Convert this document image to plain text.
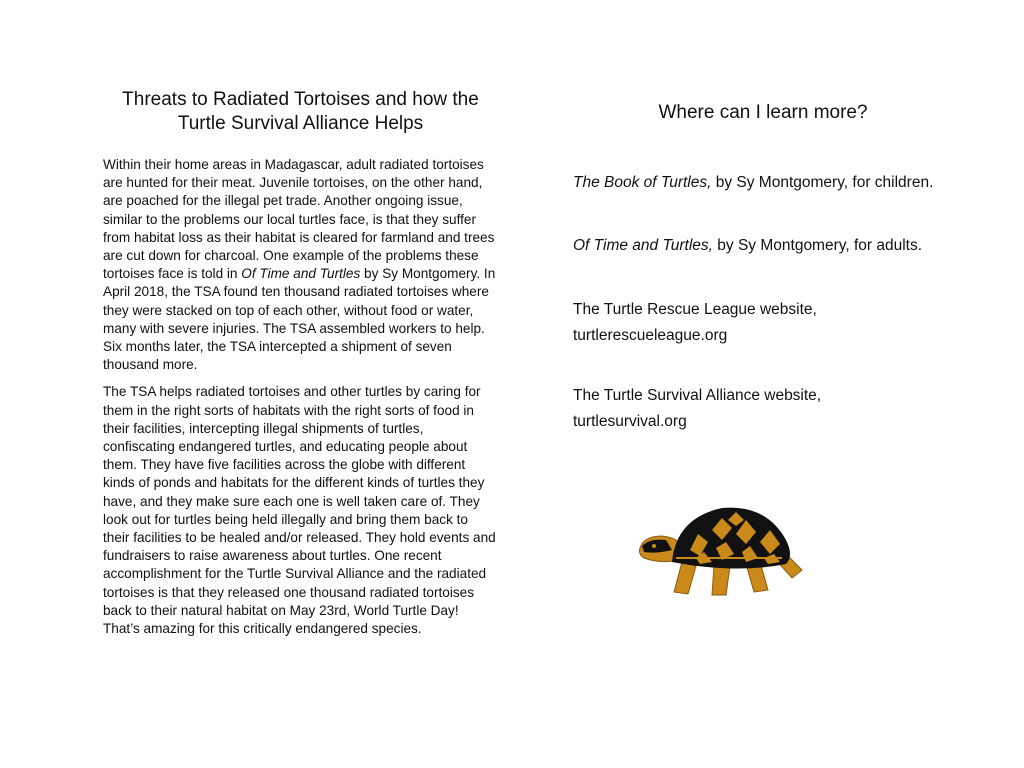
Threats to Radiated Tortoises and how the
Turtle Survival Alliance Helps

Within their home areas in Madagascar, adult radiated tortoises are hunted for their meat. Juvenile tortoises, on the other hand, are poached for the illegal pet trade. Another ongoing issue, similar to the problems our local turtles face, is that they suffer from habitat loss as their habitat is cleared for farmland and trees are cut down for charcoal. One example of the problems these tortoises face is told in Of Time and Turtles by Sy Montgomery. In April 2018, the TSA found ten thousand radiated tortoises where they were stacked on top of each other, without food or water, many with severe injuries. The TSA assembled workers to help. Six months later, the TSA intercepted a shipment of seven thousand more.

The TSA helps radiated tortoises and other turtles by caring for them in the right sorts of habitats with the right sorts of food in their facilities, intercepting illegal shipments of turtles, confiscating endangered turtles, and educating people about them. They have five facilities across the globe with different kinds of ponds and habitats for the different kinds of turtles they have, and they make sure each one is well taken care of. They look out for turtles being held illegally and bring them back to their facilities to be healed and/or released. They hold events and fundraisers to raise awareness about turtles. One recent accomplishment for the Turtle Survival Alliance and the radiated tortoises is that they released one thousand radiated tortoises back to their natural habitat on May 23rd, World Turtle Day! That’s amazing for this critically endangered species.

Where can I learn more?

The Book of Turtles, by Sy Montgomery, for children.

Of Time and Turtles, by Sy Montgomery, for adults.

The Turtle Rescue League website,
turtlerescueleague.org

The Turtle Survival Alliance website,
turtlesurvival.org
